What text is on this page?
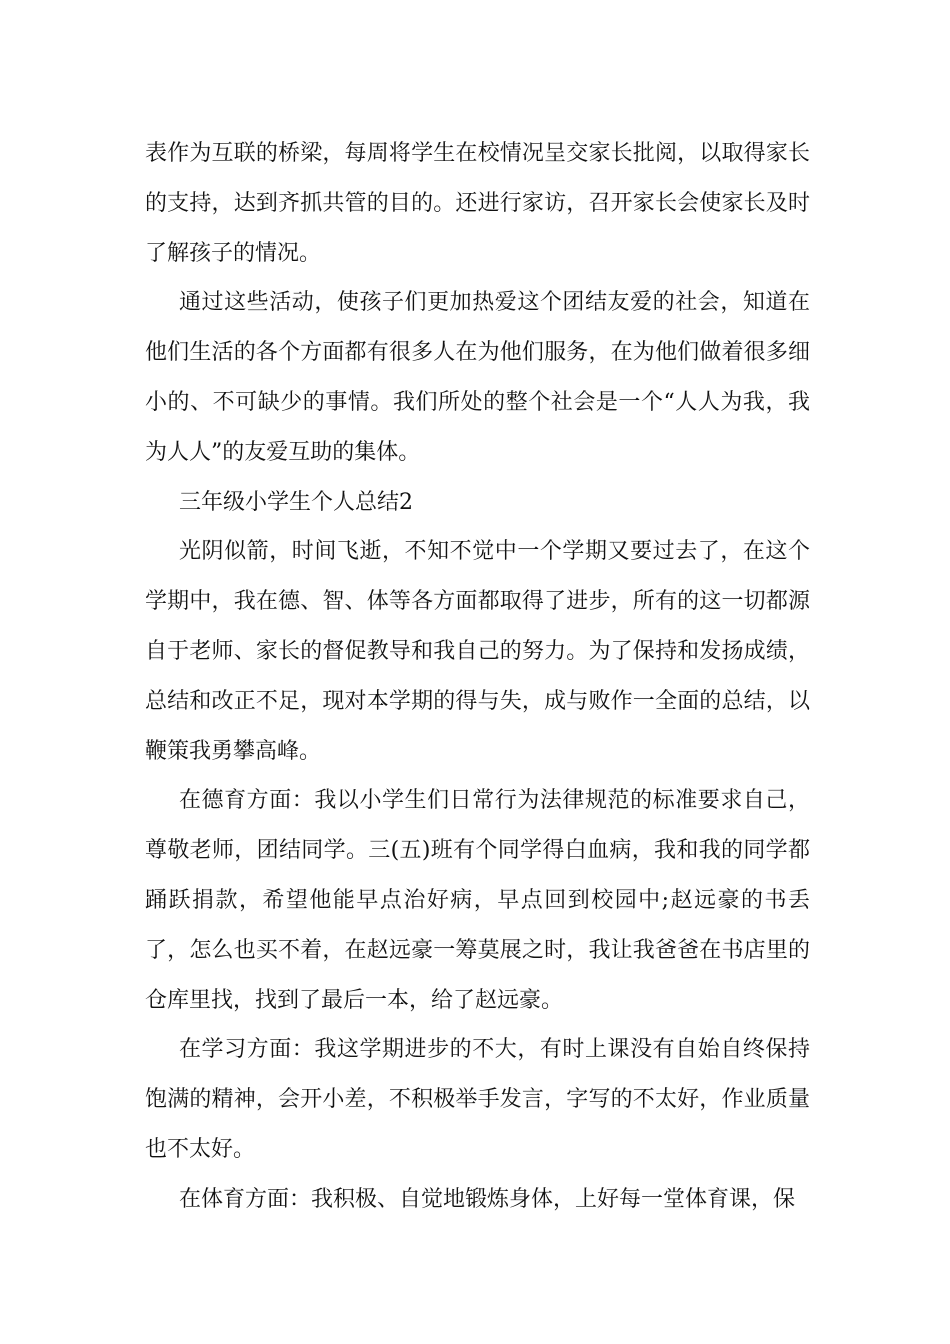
表作为互联的桥梁，每周将学生在校情况呈交家长批阅，以取得家长的支持，达到齐抓共管的目的。还进行家访，召开家长会使家长及时了解孩子的情况。

通过这些活动，使孩子们更加热爱这个团结友爱的社会，知道在他们生活的各个方面都有很多人在为他们服务，在为他们做着很多细小的、不可缺少的事情。我们所处的整个社会是一个“人人为我，我为人人”的友爱互助的集体。

三年级小学生个人总结2

光阴似箭，时间飞逝，不知不觉中一个学期又要过去了，在这个学期中，我在德、智、体等各方面都取得了进步，所有的这一切都源自于老师、家长的督促教导和我自己的努力。为了保持和发扬成绩，总结和改正不足，现对本学期的得与失，成与败作一全面的总结，以鞭策我勇攀高峰。

在德育方面：我以小学生们日常行为法律规范的标准要求自己，尊敬老师，团结同学。三(五)班有个同学得白血病，我和我的同学都踊跃捐款，希望他能早点治好病，早点回到校园中;赵远豪的书丢了，怎么也买不着，在赵远豪一筹莫展之时，我让我爸爸在书店里的仓库里找，找到了最后一本，给了赵远豪。

在学习方面：我这学期进步的不大，有时上课没有自始自终保持饱满的精神，会开小差，不积极举手发言，字写的不太好，作业质量也不太好。

在体育方面：我积极、自觉地锻炼身体，上好每一堂体育课，保
